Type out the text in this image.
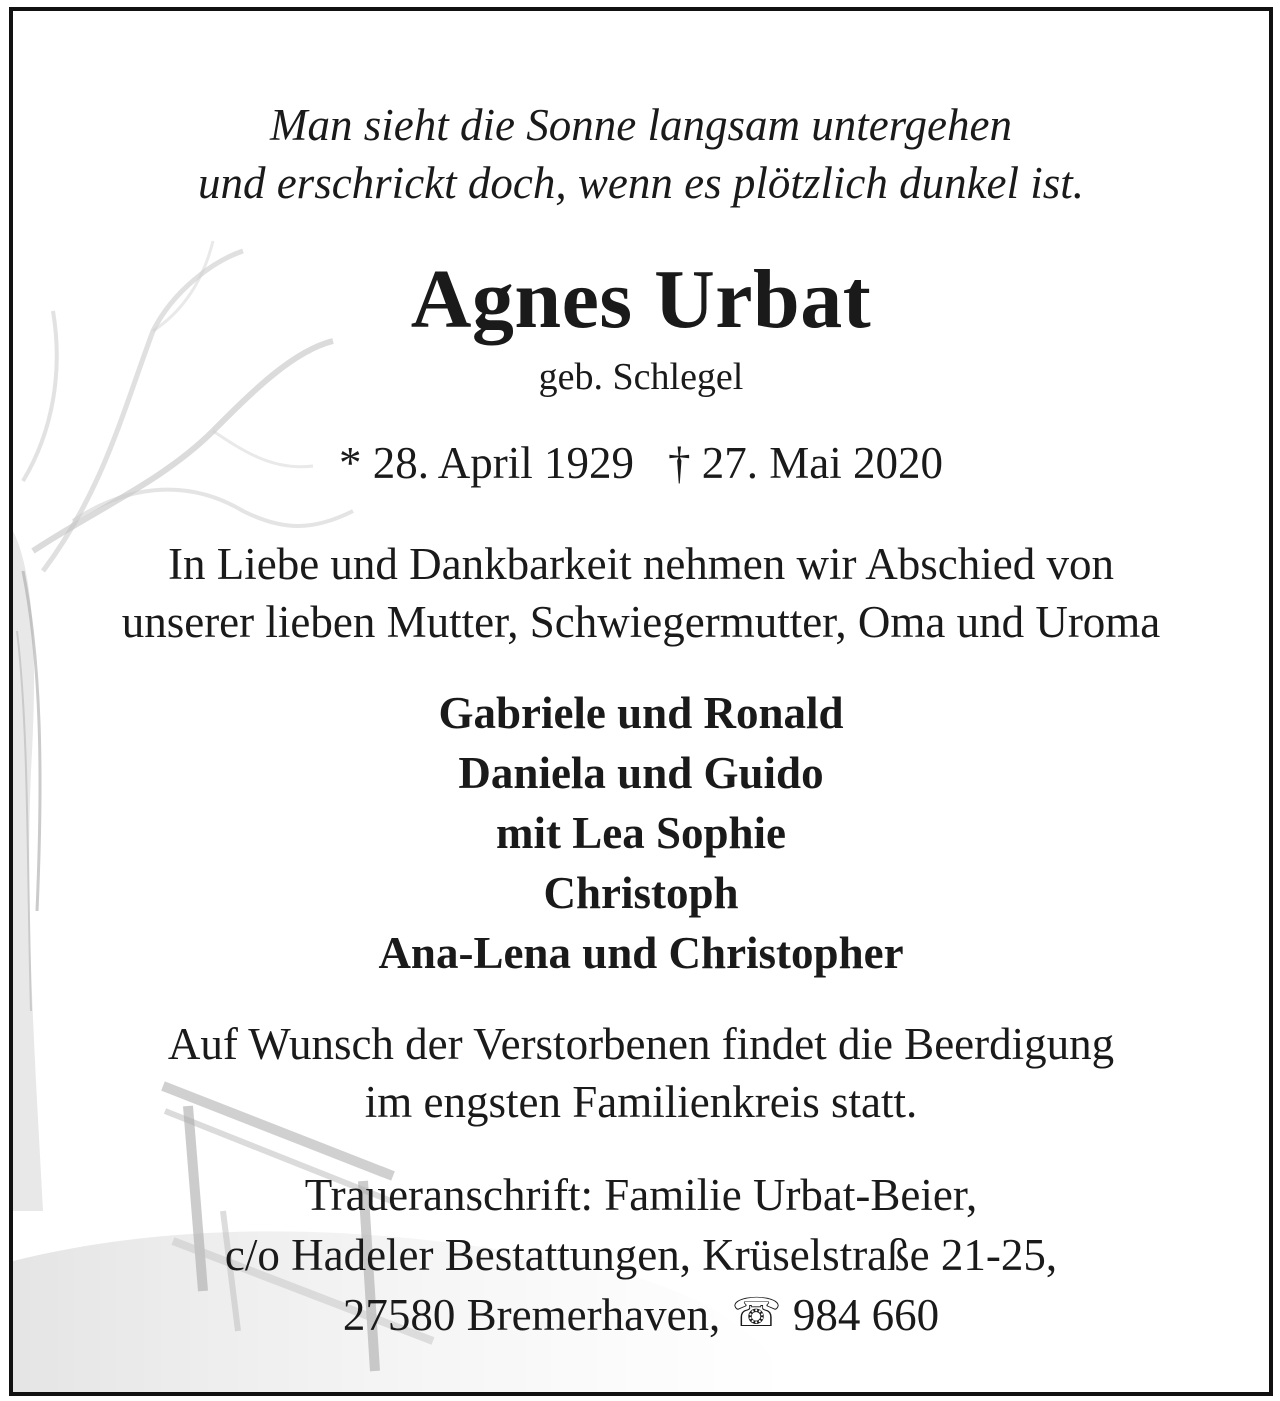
Man sieht die Sonne langsam untergehen
und erschrickt doch, wenn es plötzlich dunkel ist.
Agnes Urbat
geb. Schlegel
* 28. April 1929 † 27. Mai 2020
In Liebe und Dankbarkeit nehmen wir Abschied von
unserer lieben Mutter, Schwiegermutter, Oma und Uroma
Gabriele und Ronald
Daniela und Guido
mit Lea Sophie
Christoph
Ana-Lena und Christopher
Auf Wunsch der Verstorbenen findet die Beerdigung
im engsten Familienkreis statt.
Traueranschrift: Familie Urbat-Beier,
c/o Hadeler Bestattungen, Krüselstraße 21-25,
27580 Bremerhaven, ☏ 984 660
